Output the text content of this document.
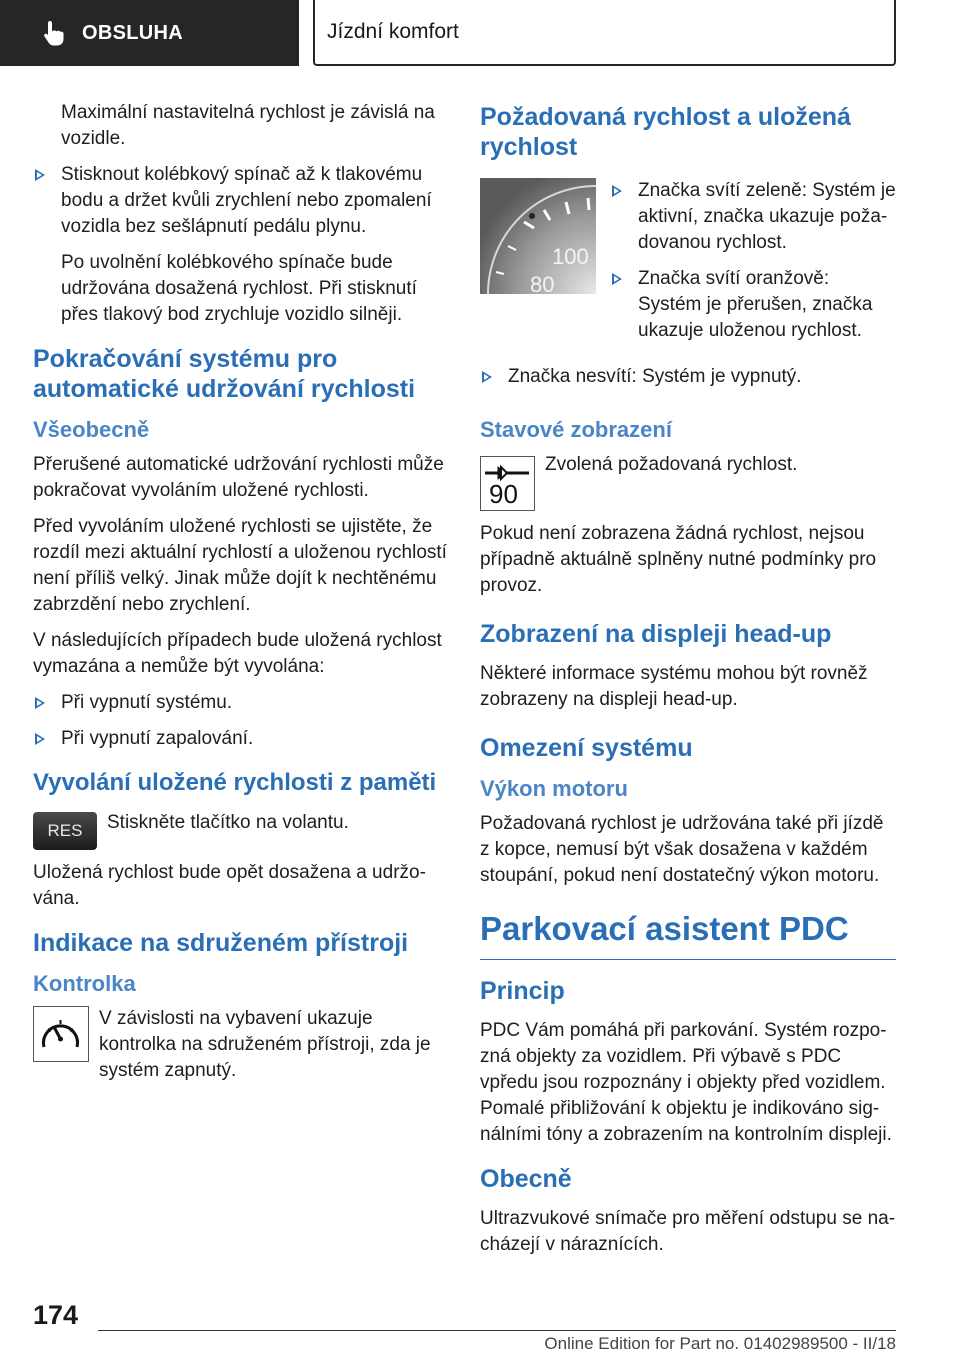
OBSLUHA	Jízdní komfort

Maximální nastavitelná rychlost je závislá na vozidle.

Stisknout kolébkový spínač až k tlakovému bodu a držet kvůli zrychlení nebo zpomalení vozidla bez sešlápnutí pedálu plynu.

Po uvolnění kolébkového spínače bude udržována dosažená rychlost. Při stisknutí přes tlakový bod zrychluje vozidlo silněji.

Pokračování systému pro automatické udržování rychlosti
Všeobecně

Přerušené automatické udržování rychlosti může pokračovat vyvoláním uložené rychlosti.

Před vyvoláním uložené rychlosti se ujistěte, že rozdíl mezi aktuální rychlostí a uloženou rychlostí není příliš velký. Jinak může dojít k nechtěnému zabrzdění nebo zrychlení.

V následujících případech bude uložená rychlost vymazána a nemůže být vyvolána:

Při vypnutí systému.
Při vypnutí zapalování.
Vyvolání uložené rychlosti z paměti
RES Stiskněte tlačítko na volantu.

Uložená rychlost bude opět dosažena a udržována.

Indikace na sdruženém přístroji
Kontrolka

V závislosti na vybavení ukazuje kontrolka na sdruženém přístroji, zda je systém zapnutý.

Požadovaná rychlost a uložená rychlost
100
80
Značka svítí zeleně: Systém je aktivní, značka ukazuje požadovanou rychlost.
Značka svítí oranžově: Systém je přerušen, značka ukazuje uloženou rychlost.
Značka nesvítí: Systém je vypnutý.
Stavové zobrazení
90

Zvolená požadovaná rychlost.

Pokud není zobrazena žádná rychlost, nejsou případně aktuálně splněny nutné podmínky pro provoz.

Zobrazení na displeji head-up

Některé informace systému mohou být rovněž zobrazeny na displeji head-up.

Omezení systému
Výkon motoru

Požadovaná rychlost je udržována také při jízdě z kopce, nemusí být však dosažena v každém stoupání, pokud není dostatečný výkon motoru.

Parkovací asistent PDC
Princip

PDC Vám pomáhá při parkování. Systém rozpozná objekty za vozidlem. Při výbavě s PDC vpředu jsou rozpoznány i objekty před vozidlem. Pomalé přibližování k objektu je indikováno signálními tóny a zobrazením na kontrolním displeji.

Obecně

Ultrazvukové snímače pro měření odstupu se nacházejí v náraznících.

174
Online Edition for Part no. 01402989500 - II/18
